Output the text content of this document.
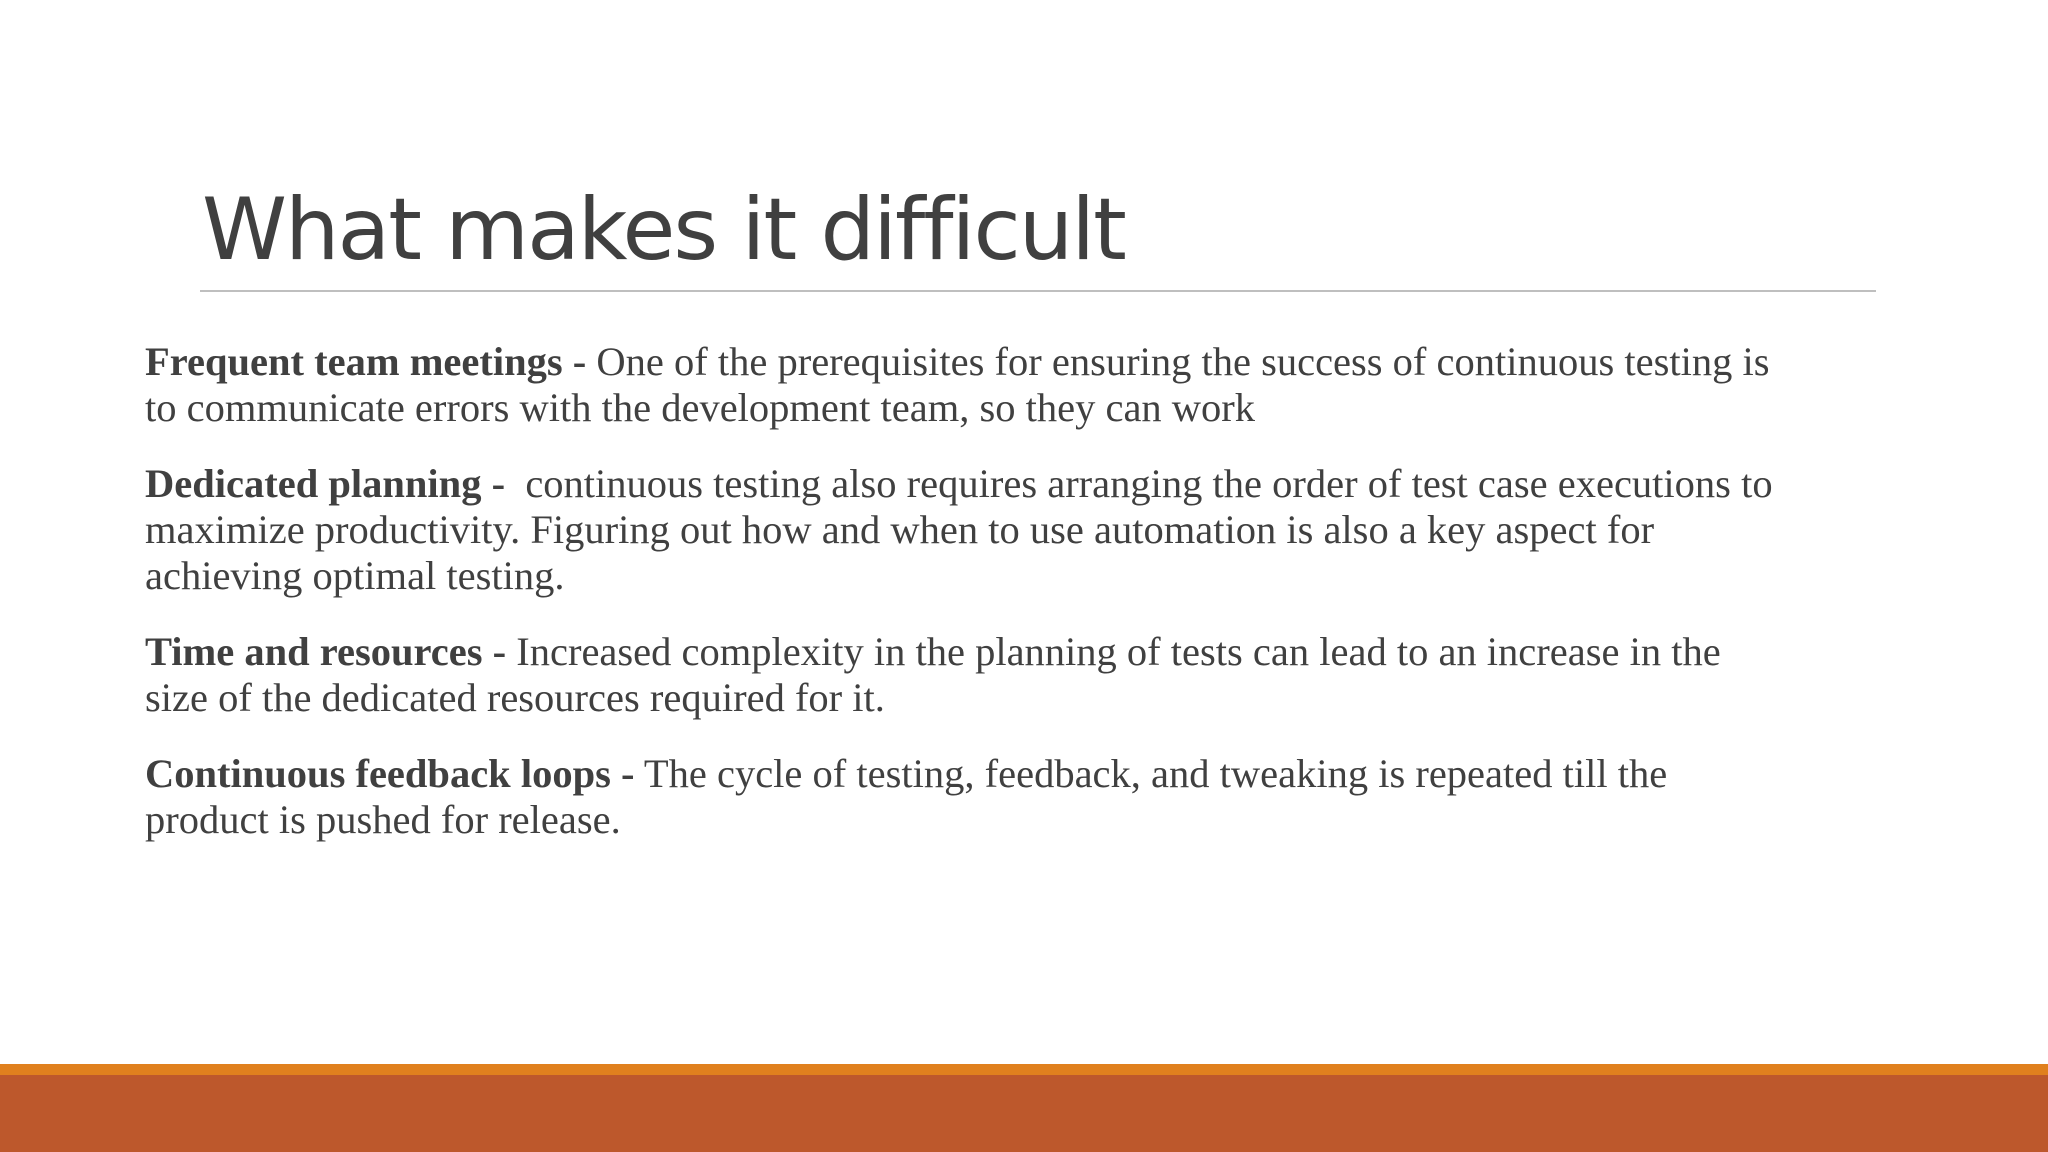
What makes it difficult

Frequent team meetings - One of the prerequisites for ensuring the success of continuous testing is to communicate errors with the development team, so they can work

Dedicated planning -  continuous testing also requires arranging the order of test case executions to maximize productivity. Figuring out how and when to use automation is also a key aspect for achieving optimal testing.

Time and resources - Increased complexity in the planning of tests can lead to an increase in the size of the dedicated resources required for it.

Continuous feedback loops - The cycle of testing, feedback, and tweaking is repeated till the product is pushed for release.
